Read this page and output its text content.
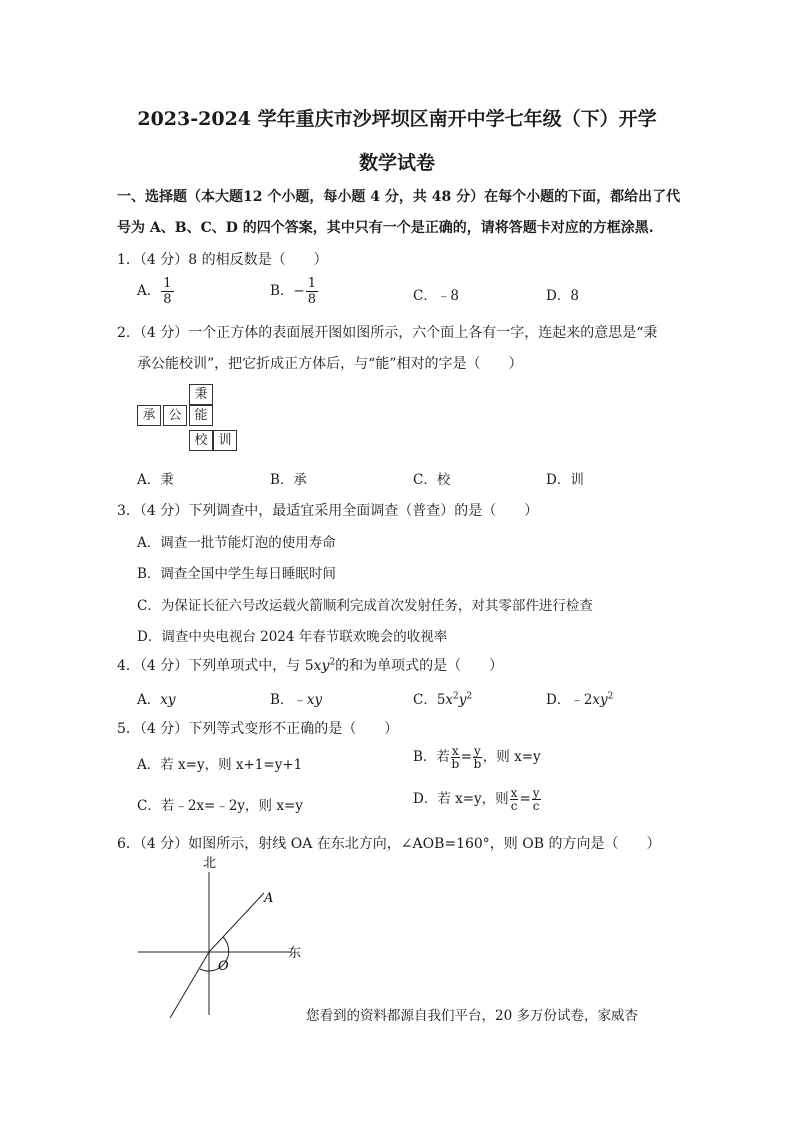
2023-2024 学年重庆市沙坪坝区南开中学七年级（下）开学
数学试卷
一、选择题（本大题12 个小题，每小题 4 分，共 48 分）在每个小题的下面，都给出了代
号为 A、B、C、D 的四个答案，其中只有一个是正确的，请将答题卡对应的方框涂黑.
1．（4 分）8 的相反数是（　　）
A． $\frac{1}{8}$	B．− $\frac{1}{8}$	C．﹣8	D．8
2．（4 分）一个正方体的表面展开图如图所示，六个面上各有一字，连起来的意思是“秉
承公能校训”，把它折成正方体后，与“能”相对的字是（　　）
秉
承 公 能
校 训
A．秉	B．承	C．校	D．训
3．（4 分）下列调查中，最适宜采用全面调查（普查）的是（　　）
A．调查一批节能灯泡的使用寿命
B．调查全国中学生每日睡眠时间
C．为保证长征六号改运载火箭顺利完成首次发射任务，对其零部件进行检查
D．调查中央电视台 2024 年春节联欢晚会的收视率
4．（4 分）下列单项式中，与 $5xy^2$的和为单项式的是（　　）
A．xy	B．﹣xy	C．$5x^2y^2$	D．$﹣2xy^2$
5．（4 分）下列等式变形不正确的是（　　）
A．若 x=y，则 x+1=y+1	B．若 $\frac{x}{b} = \frac{y}{b}$ ，则 x=y
C．若﹣2x=﹣2y，则 x=y	D．若 x=y，则 $\frac{x}{c} = \frac{y}{c}$
6．（4 分）如图所示，射线 OA 在东北方向，∠AOB=160°，则 OB 的方向是（　　）
北
东
A
O
您看到的资料都源自我们平台，20 多万份试卷，家威杏
